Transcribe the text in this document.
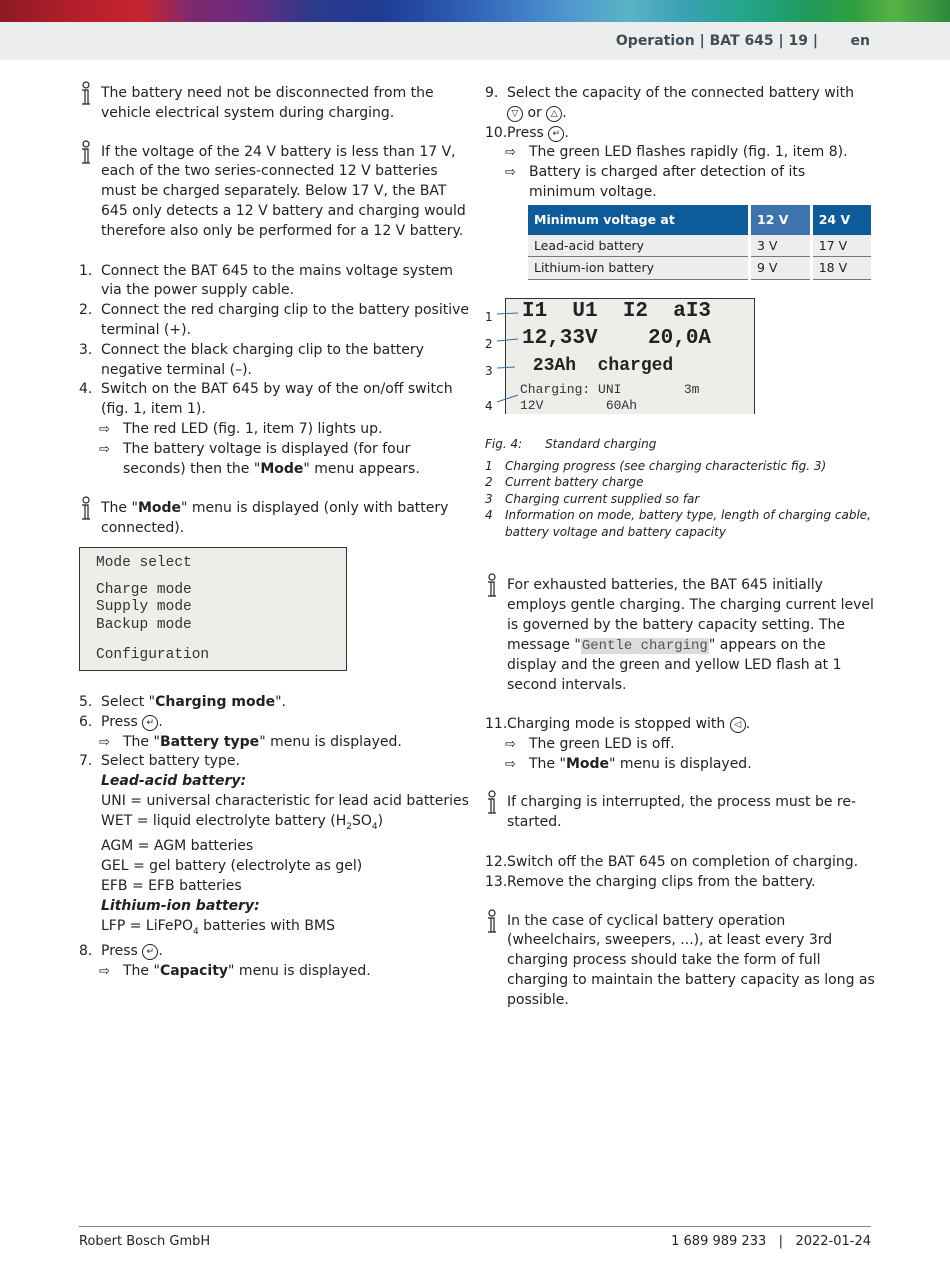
Operation | BAT 645 | 19 | en
The battery need not be disconnected from the vehicle electrical system during charging.
If the voltage of the 24 V battery is less than 17 V, each of the two series-connected 12 V batteries must be charged separately. Below 17 V, the BAT 645 only detects a 12 V battery and charging would therefore also only be performed for a 12 V battery.
1. Connect the BAT 645 to the mains voltage system via the power supply cable.
2. Connect the red charging clip to the battery positive terminal (+).
3. Connect the black charging clip to the battery negative terminal (–).
4. Switch on the BAT 645 by way of the on/off switch (fig. 1, item 1).
⇨ The red LED (fig. 1, item 7) lights up.
⇨ The battery voltage is displayed (for four seconds) then the "Mode" menu appears.
The "Mode" menu is displayed (only with battery connected).
Mode select
Charge mode
Supply mode
Backup mode
Configuration
5. Select "Charging mode".
6. Press ↵ .
⇨ The "Battery type" menu is displayed.
7. Select battery type.
Lead-acid battery:
UNI = universal characteristic for lead acid batteries
WET = liquid electrolyte battery $(H_2SO_4)$
AGM = AGM batteries
GEL = gel battery (electrolyte as gel)
EFB = EFB batteries
Lithium-ion battery:
LFP = LiFePO$_4$ batteries with BMS
8. Press ↵ .
⇨ The "Capacity" menu is displayed.
9. Select the capacity of the connected battery with
▽ or △ .
10. Press ↵ .
⇨ The green LED flashes rapidly (fig. 1, item 8).
⇨ Battery is charged after detection of its minimum voltage.
Minimum voltage at	12 V	24 V
Lead-acid battery	3 V	17 V
Lithium-ion battery	9 V	18 V
I1  U1  I2  aI3
12,33V    20,0A
23Ah  charged
Charging: UNI        3m
12V        60Ah
1
2
3
4
Fig. 4: Standard charging
1 Charging progress (see charging characteristic fig. 3)
2 Current battery charge
3 Charging current supplied so far
4 Information on mode, battery type, length of charging cable, battery voltage and battery capacity
For exhausted batteries, the BAT 645 initially employs gentle charging. The charging current level is governed by the battery capacity setting. The message "Gentle charging" appears on the display and the green and yellow LED flash at 1 second intervals.
11. Charging mode is stopped with ◁ .
⇨ The green LED is off.
⇨ The "Mode" menu is displayed.
If charging is interrupted, the process must be re-started.
12. Switch off the BAT 645 on completion of charging.
13. Remove the charging clips from the battery.
In the case of cyclical battery operation (wheelchairs, sweepers, ...), at least every 3rd charging process should take the form of full charging to maintain the battery capacity as long as possible.
Robert Bosch GmbH	1 689 989 233 | 2022-01-24
